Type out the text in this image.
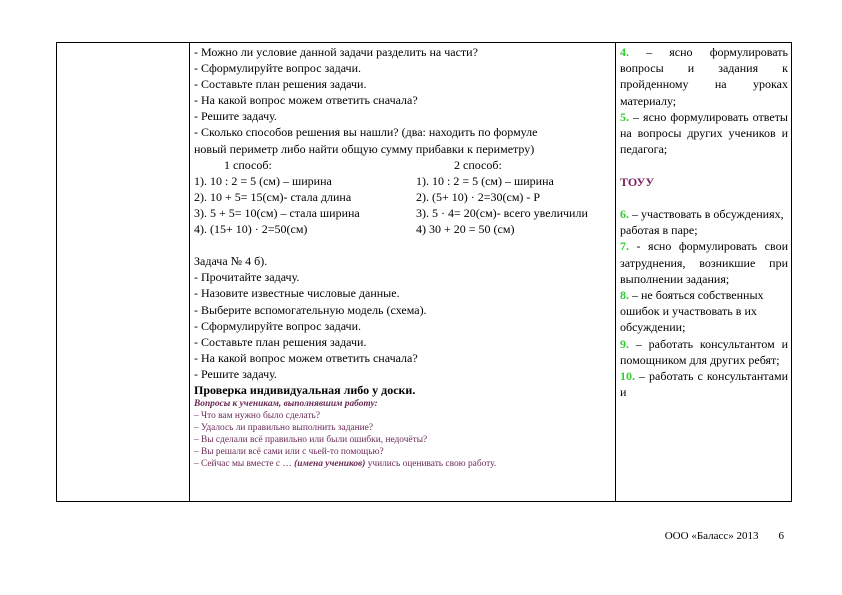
- Можно ли условие данной задачи разделить на части?
- Сформулируйте вопрос задачи.
- Составьте план решения задачи.
- На какой вопрос можем ответить сначала?
- Решите задачу.
- Сколько способов решения вы нашли? (два: находить по формуле
новый периметр либо найти общую сумму прибавки к периметру)
1 способ:	2 способ:
1). 10 : 2 = 5 (см) – ширина	1). 10 : 2 = 5 (см) – ширина
2). 10 + 5= 15(см)- стала длина	2). (5+ 10) · 2=30(см) - Р
3). 5 + 5= 10(см) – стала ширина	3). 5 · 4= 20(см)- всего увеличили
4). (15+ 10) · 2=50(см)	4) 30 + 20 = 50 (см)
Задача № 4 б).
- Прочитайте задачу.
- Назовите известные числовые данные.
- Выберите вспомогательную модель (схема).
- Сформулируйте вопрос задачи.
- Составьте план решения задачи.
- На какой вопрос можем ответить сначала?
- Решите задачу.
Проверка индивидуальная либо у доски.
Вопросы к ученикам, выполнявшим работу:
– Что вам нужно было сделать?
– Удалось ли правильно выполнить задание?
– Вы сделали всё правильно или были ошибки, недочёты?
– Вы решали всё сами или с чьей-то помощью?
– Сейчас мы вместе с … (имена учеников) учились оценивать свою работу.
4. – ясно формулировать вопросы и задания к пройденному на уроках материалу;
5. – ясно формулировать ответы на вопросы других учеников и педагога;
ТОУУ
6. – участвовать в обсуждениях, работая в паре;
7. - ясно формулировать свои затруднения, возникшие при выполнении задания;
8. – не бояться собственных ошибок и участвовать в их обсуждении;
9. – работать консультантом и помощником для других ребят;
10. – работать с консультантами и
ООО «Баласс» 2013 6
